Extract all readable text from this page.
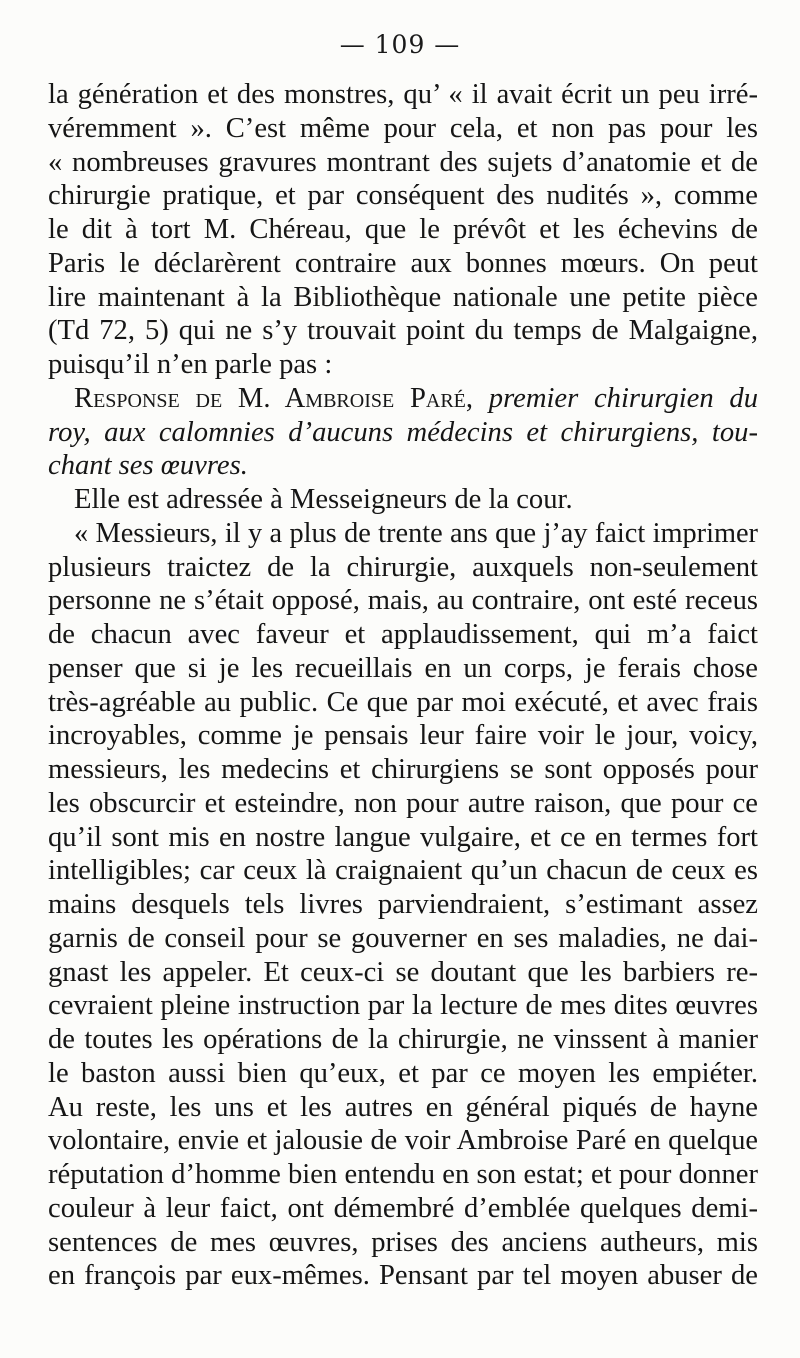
— 109 —
la génération et des monstres, qu’ « il avait écrit un peu irré-
véremment ». C’est même pour cela, et non pas pour les
« nombreuses gravures montrant des sujets d’anatomie et de
chirurgie pratique, et par conséquent des nudités », comme
le dit à tort M. Chéreau, que le prévôt et les échevins de
Paris le déclarèrent contraire aux bonnes mœurs. On peut
lire maintenant à la Bibliothèque nationale une petite pièce
(Td 72, 5) qui ne s’y trouvait point du temps de Malgaigne,
puisqu’il n’en parle pas :
Response de M. Ambroise Paré, premier chirurgien du
roy, aux calomnies d’aucuns médecins et chirurgiens, tou-
chant ses œuvres.
Elle est adressée à Messeigneurs de la cour.
« Messieurs, il y a plus de trente ans que j’ay faict imprimer
plusieurs traictez de la chirurgie, auxquels non-seulement
personne ne s’était opposé, mais, au contraire, ont esté receus
de chacun avec faveur et applaudissement, qui m’a faict
penser que si je les recueillais en un corps, je ferais chose
très-agréable au public. Ce que par moi exécuté, et avec frais
incroyables, comme je pensais leur faire voir le jour, voicy,
messieurs, les medecins et chirurgiens se sont opposés pour
les obscurcir et esteindre, non pour autre raison, que pour ce
qu’il sont mis en nostre langue vulgaire, et ce en termes fort
intelligibles; car ceux là craignaient qu’un chacun de ceux es
mains desquels tels livres parviendraient, s’estimant assez
garnis de conseil pour se gouverner en ses maladies, ne dai-
gnast les appeler. Et ceux-ci se doutant que les barbiers re-
cevraient pleine instruction par la lecture de mes dites œuvres
de toutes les opérations de la chirurgie, ne vinssent à manier
le baston aussi bien qu’eux, et par ce moyen les empiéter.
Au reste, les uns et les autres en général piqués de hayne
volontaire, envie et jalousie de voir Ambroise Paré en quelque
réputation d’homme bien entendu en son estat; et pour donner
couleur à leur faict, ont démembré d’emblée quelques demi-
sentences de mes œuvres, prises des anciens autheurs, mis
en françois par eux-mêmes. Pensant par tel moyen abuser de
